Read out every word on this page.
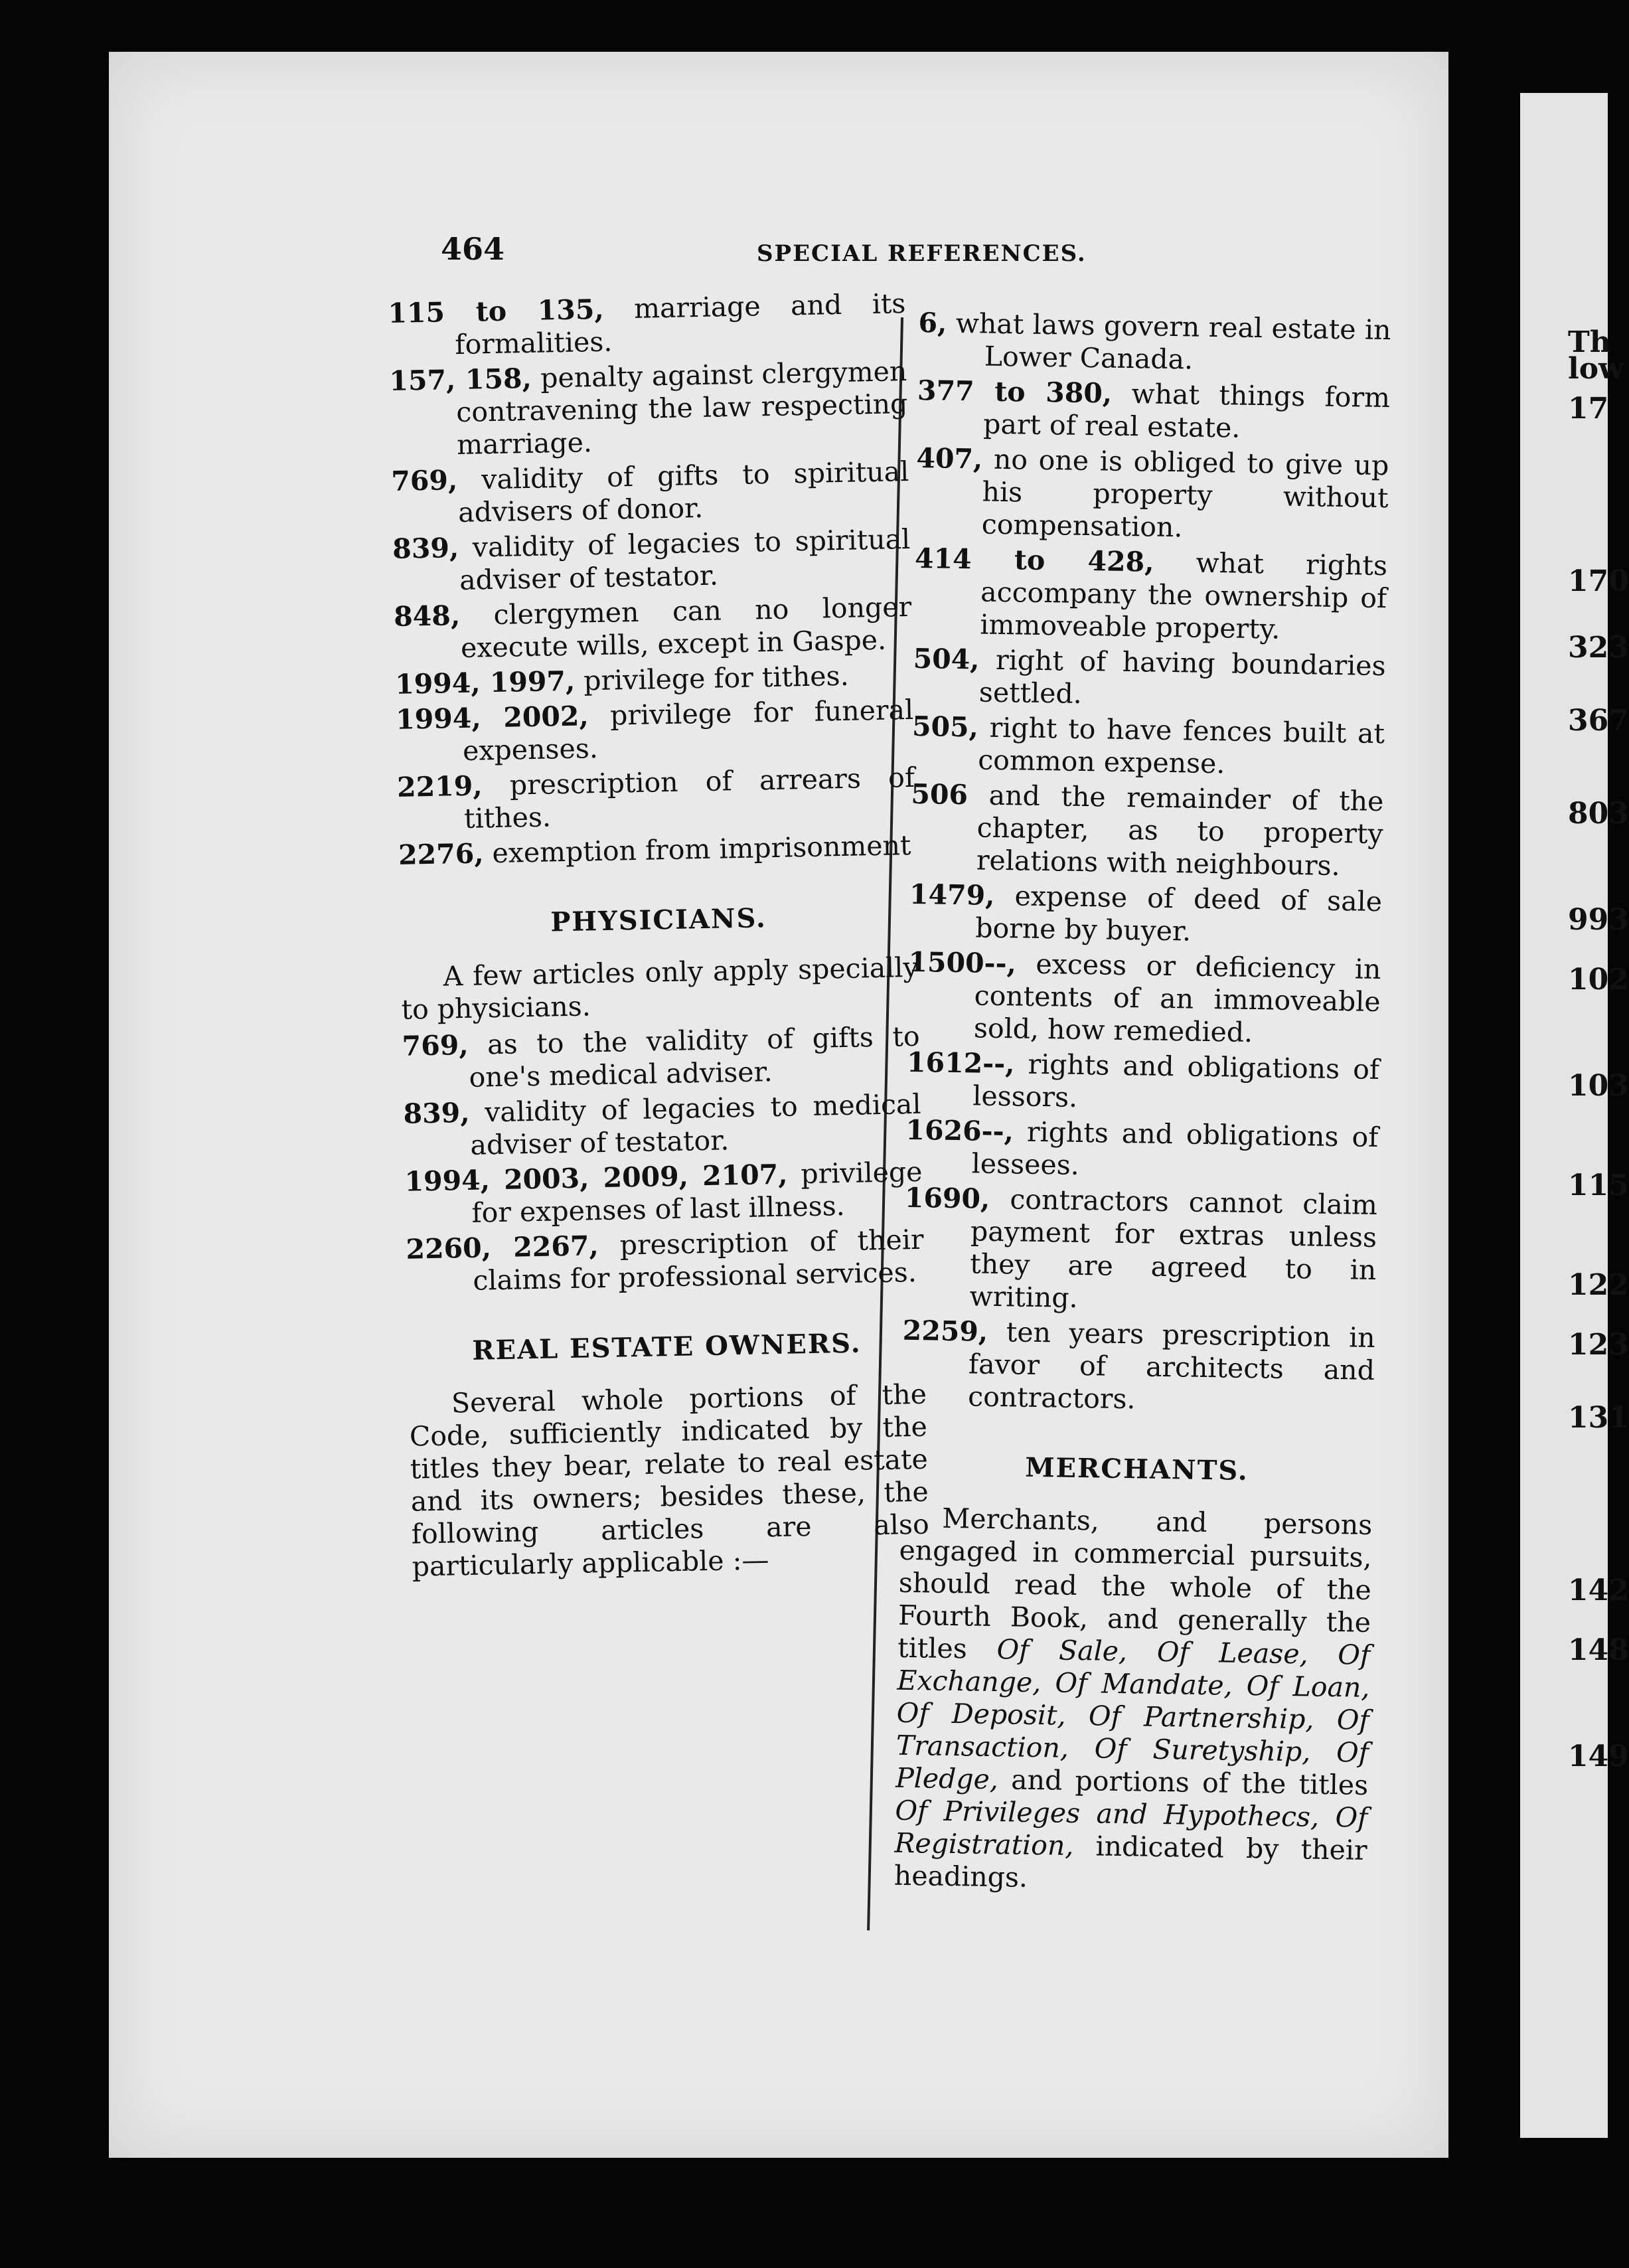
464	SPECIAL REFERENCES.

115 to 135, marriage and its formalities.

157, 158, penalty against clergymen contravening the law respecting marriage.

769, validity of gifts to spiritual advisers of donor.

839, validity of legacies to spiritual adviser of testator.

848, clergymen can no longer execute wills, except in Gaspe.

1994, 1997, privilege for tithes.

1994, 2002, privilege for funeral expenses.

2219, prescription of arrears of tithes.

2276, exemption from imprisonment

PHYSICIANS.

A few articles only apply specially to physicians.

769, as to the validity of gifts to one's medical adviser.

839, validity of legacies to medical adviser of testator.

1994, 2003, 2009, 2107, privilege for expenses of last illness.

2260, 2267, prescription of their claims for professional services.

REAL ESTATE OWNERS.

Several whole portions of the Code, sufficiently indicated by the titles they bear, relate to real estate and its owners; besides these, the following articles are also particularly applicable :—

6, what laws govern real estate in Lower Canada.

377 to 380, what things form part of real estate.

407, no one is obliged to give up his property without compensation.

414 to 428, what rights accompany the ownership of immoveable property.

504, right of having boundaries settled.

505, right to have fences built at common expense.

506 and the remainder of the chapter, as to property relations with neighbours.

1479, expense of deed of sale borne by buyer.

1500--, excess or deficiency in contents of an immoveable sold, how remedied.

1612--, rights and obligations of lessors.

1626--, rights and obligations of lessees.

1690, contractors cannot claim payment for extras unless they are agreed to in writing.

2259, ten years prescription in favor of architects and contractors.

MERCHANTS.

Merchants, and persons engaged in commercial pursuits, should read the whole of the Fourth Book, and generally the titles Of Sale, Of Lease, Of Exchange, Of Mandate, Of Loan, Of Deposit, Of Partnership, Of Transaction, Of Suretyship, Of Pledge, and portions of the titles Of Privileges and Hypothecs, Of Registration, indicated by their headings.

Th
low
17
170
323
367
803
993
102
103
115
122
123
131
142
148
149
